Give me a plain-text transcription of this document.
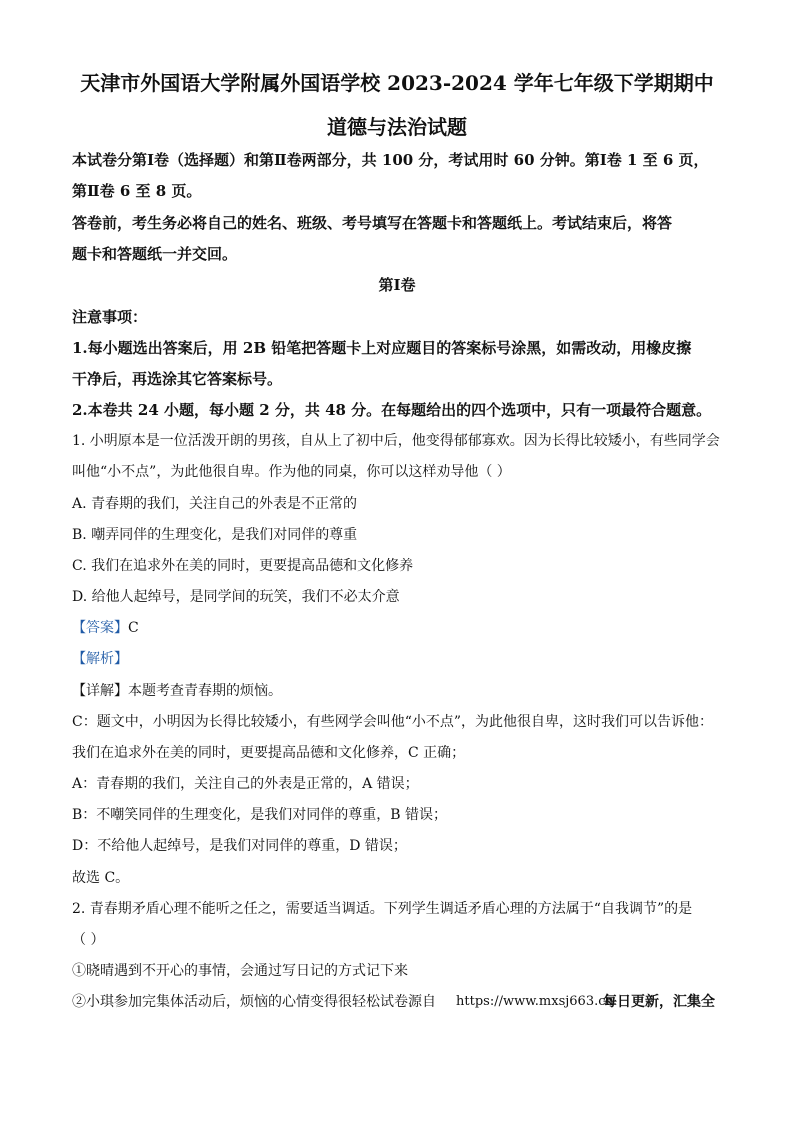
天津市外国语大学附属外国语学校 2023-2024 学年七年级下学期期中
道德与法治试题
本试卷分第Ⅰ卷（选择题）和第Ⅱ卷两部分，共 100 分，考试用时 60 分钟。第Ⅰ卷 1 至 6 页，
第Ⅱ卷 6 至 8 页。
答卷前，考生务必将自己的姓名、班级、考号填写在答题卡和答题纸上。考试结束后，将答
题卡和答题纸一并交回。
第Ⅰ卷
注意事项：
1.每小题选出答案后，用 2B 铅笔把答题卡上对应题目的答案标号涂黑，如需改动，用橡皮擦
干净后，再选涂其它答案标号。
2.本卷共 24 小题，每小题 2 分，共 48 分。在每题给出的四个选项中，只有一项最符合题意。
1. 小明原本是一位活泼开朗的男孩，自从上了初中后，他变得郁郁寡欢。因为长得比较矮小，有些同学会
叫他“小不点”，为此他很自卑。作为他的同桌，你可以这样劝导他（ ）
A. 青春期的我们，关注自己的外表是不正常的
B. 嘲弄同伴的生理变化，是我们对同伴的尊重
C. 我们在追求外在美的同时，更要提高品德和文化修养
D. 给他人起绰号，是同学间的玩笑，我们不必太介意
【答案】C
【解析】
【详解】本题考查青春期的烦恼。
C：题文中，小明因为长得比较矮小，有些网学会叫他“小不点”，为此他很自卑，这时我们可以告诉他：
我们在追求外在美的同时，更要提高品德和文化修养，C 正确；
A：青春期的我们，关注自己的外表是正常的，A 错误；
B：不嘲笑同伴的生理变化，是我们对同伴的尊重，B 错误；
D：不给他人起绰号，是我们对同伴的尊重，D 错误；
故选 C。
2. 青春期矛盾心理不能听之任之，需要适当调适。下列学生调适矛盾心理的方法属于“自我调节”的是
（ ）
①晓晴遇到不开心的事情，会通过写日记的方式记下来
②小琪参加完集体活动后，烦恼的心情变得很轻松试卷源自 https://www.mxsj663.cn
每日更新，汇集全
